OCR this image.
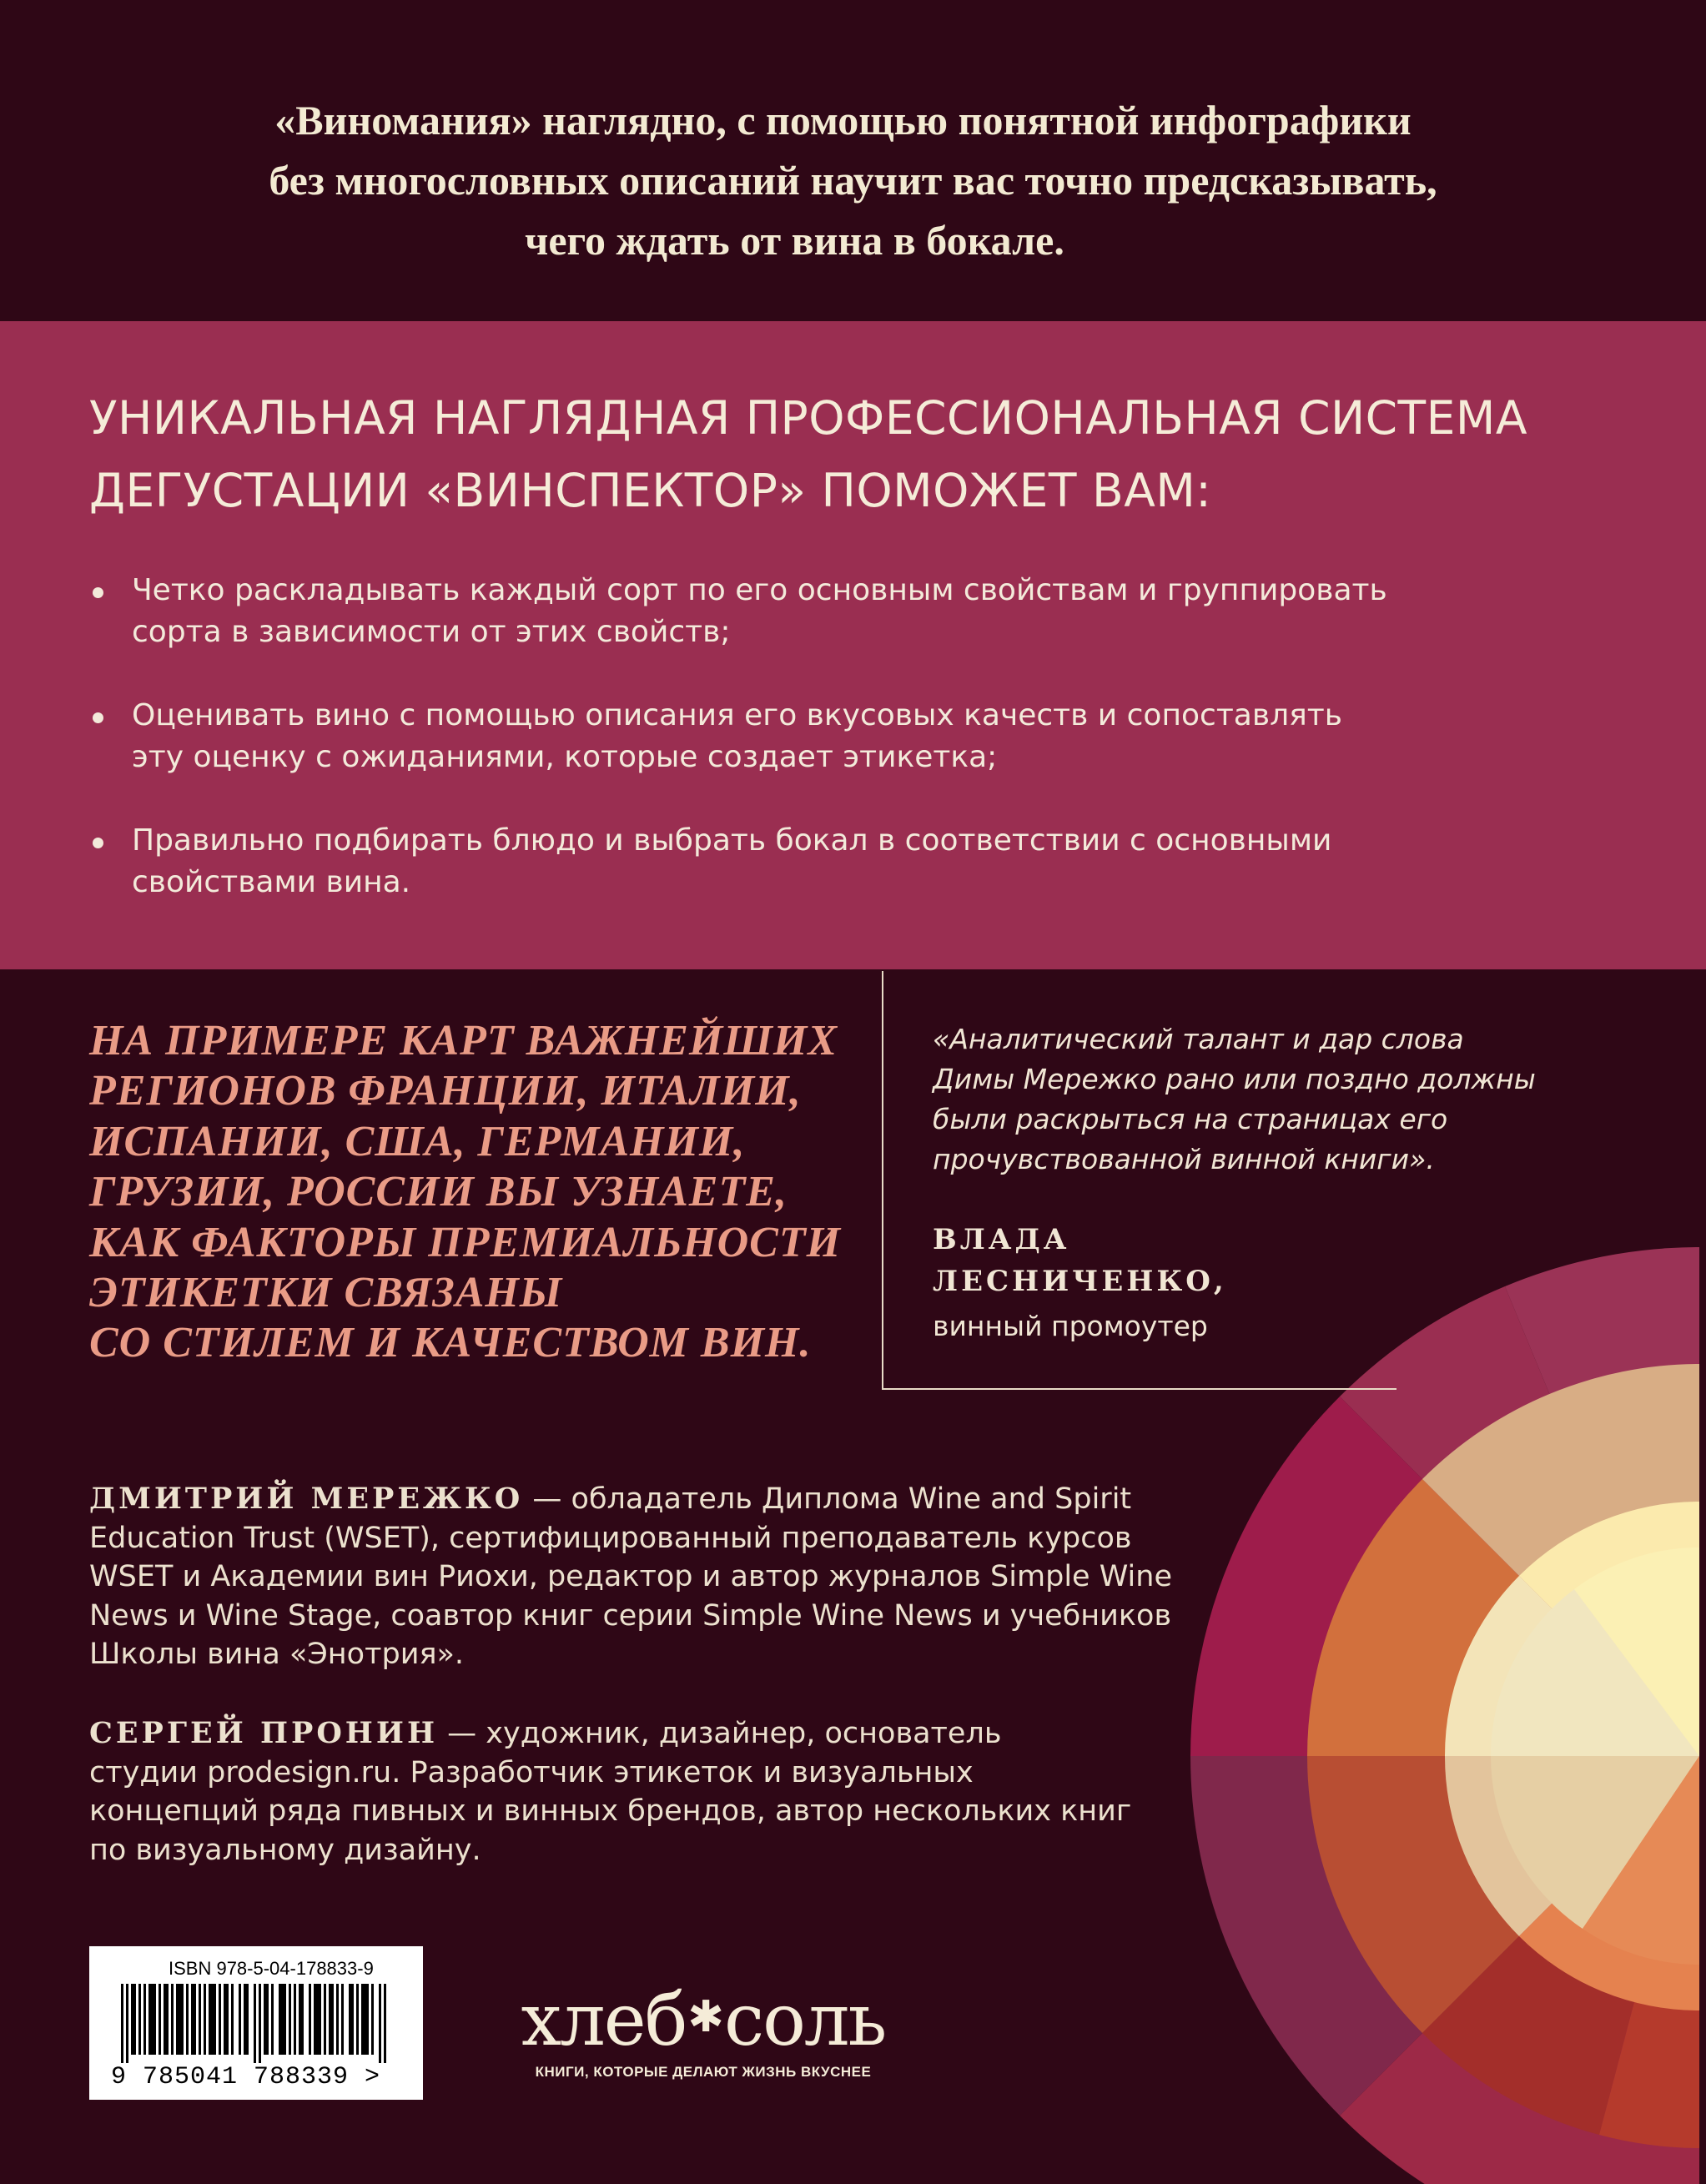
«Виномания» наглядно, с помощью понятной инфографики
без многословных описаний научит вас точно предсказывать,
чего ждать от вина в бокале.
УНИКАЛЬНАЯ НАГЛЯДНАЯ ПРОФЕССИОНАЛЬНАЯ СИСТЕМА
ДЕГУСТАЦИИ «ВИНСПЕКТОР» ПОМОЖЕТ ВАМ:
Четко раскладывать каждый сорт по его основным свойствам и группировать
сорта в зависимости от этих свойств;
Оценивать вино с помощью описания его вкусовых качеств и сопоставлять
эту оценку с ожиданиями, которые создает этикетка;
Правильно подбирать блюдо и выбрать бокал в соответствии с основными
свойствами вина.
НА ПРИМЕРЕ КАРТ ВАЖНЕЙШИХ
РЕГИОНОВ ФРАНЦИИ, ИТАЛИИ,
ИСПАНИИ, США, ГЕРМАНИИ,
ГРУЗИИ, РОССИИ ВЫ УЗНАЕТЕ,
КАК ФАКТОРЫ ПРЕМИАЛЬНОСТИ
ЭТИКЕТКИ СВЯЗАНЫ
СО СТИЛЕМ И КАЧЕСТВОМ ВИН.
«Аналитический талант и дар слова
Димы Мережко рано или поздно должны
были раскрыться на страницах его
прочувствованной винной книги».
ВЛАДА
ЛЕСНИЧЕНКО,
винный промоутер
ДМИТРИЙ МЕРЕЖКО — обладатель Диплома Wine and Spirit
Education Trust (WSET), сертифицированный преподаватель курсов
WSET и Академии вин Риохи, редактор и автор журналов Simple Wine
News и Wine Stage, соавтор книг серии Simple Wine News и учебников
Школы вина «Энотрия».
СЕРГЕЙ ПРОНИН — художник, дизайнер, основатель
студии prodesign.ru. Разработчик этикеток и визуальных
концепций ряда пивных и винных брендов, автор нескольких книг
по визуальному дизайну.
ISBN 978-5-04-178833-9
9 785041 788339 >
хлеб✱соль
КНИГИ, КОТОРЫЕ ДЕЛАЮТ ЖИЗНЬ ВКУСНЕЕ
